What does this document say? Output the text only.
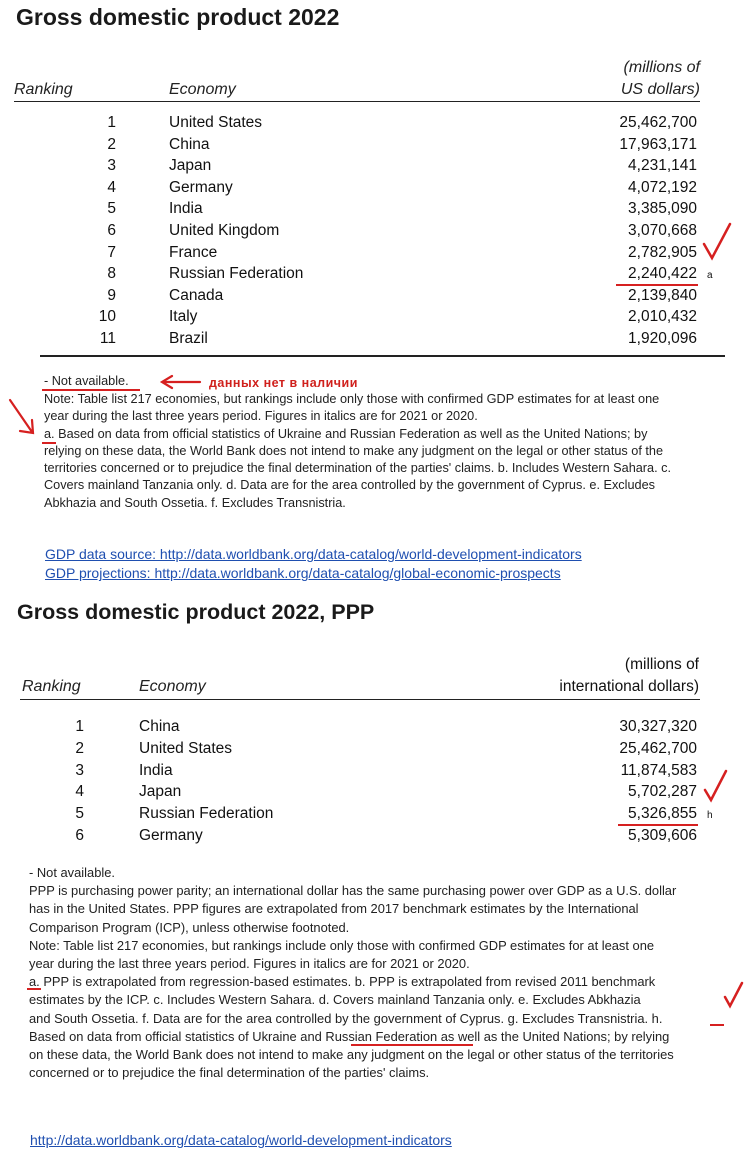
Gross domestic product 2022
(millions of
Ranking	Economy	US dollars)
1	United States	25,462,700
2	China	17,963,171
3	Japan	4,231,141
4	Germany	4,072,192
5	India	3,385,090
6	United Kingdom	3,070,668
7	France	2,782,905
8	Russian Federation	2,240,422 a
9	Canada	2,139,840
10	Italy	2,010,432
11	Brazil	1,920,096
- Not available.	данных нет в наличии
Note: Table list 217 economies, but rankings include only those with confirmed GDP estimates for at least one
year during the last three years period. Figures in italics are for 2021 or 2020.
a. Based on data from official statistics of Ukraine and Russian Federation as well as the United Nations; by
relying on these data, the World Bank does not intend to make any judgment on the legal or other status of the
territories concerned or to prejudice the final determination of the parties' claims. b. Includes Western Sahara. c.
Covers mainland Tanzania only. d. Data are for the area controlled by the government of Cyprus. e. Excludes
Abkhazia and South Ossetia. f. Excludes Transnistria.
GDP data source: http://data.worldbank.org/data-catalog/world-development-indicators
GDP projections: http://data.worldbank.org/data-catalog/global-economic-prospects
Gross domestic product 2022, PPP
(millions of
Ranking	Economy	international dollars)
1	China	30,327,320
2	United States	25,462,700
3	India	11,874,583
4	Japan	5,702,287
5	Russian Federation	5,326,855 h
6	Germany	5,309,606
- Not available.
PPP is purchasing power parity; an international dollar has the same purchasing power over GDP as a U.S. dollar
has in the United States. PPP figures are extrapolated from 2017 benchmark estimates by the International
Comparison Program (ICP), unless otherwise footnoted.
Note: Table list 217 economies, but rankings include only those with confirmed GDP estimates for at least one
year during the last three years period. Figures in italics are for 2021 or 2020.
a. PPP is extrapolated from regression-based estimates. b. PPP is extrapolated from revised 2011 benchmark
estimates by the ICP. c. Includes Western Sahara. d. Covers mainland Tanzania only. e. Excludes Abkhazia
and South Ossetia. f. Data are for the area controlled by the government of Cyprus. g. Excludes Transnistria. h.
Based on data from official statistics of Ukraine and Russian Federation as well as the United Nations; by relying
on these data, the World Bank does not intend to make any judgment on the legal or other status of the territories
concerned or to prejudice the final determination of the parties' claims.
http://data.worldbank.org/data-catalog/world-development-indicators
